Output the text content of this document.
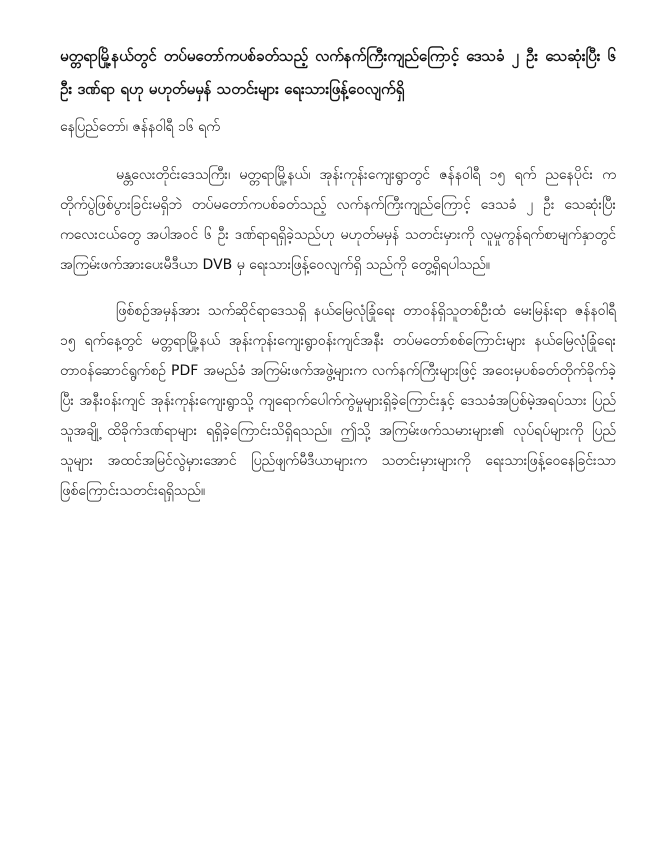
မတ္တရာမြို့နယ်တွင် တပ်မတော်ကပစ်ခတ်သည့် လက်နက်ကြီးကျည်ကြောင့် ဒေသခံ ၂ ဦး သေဆုံးပြီး ၆ ဦး ဒဏ်ရာ ရဟု မဟုတ်မမှန် သတင်းများ ရေးသားဖြန့်ဝေလျက်ရှိ

နေပြည်တော်၊ ဇန်နဝါရီ ၁၆ ရက်

မန္တလေးတိုင်းဒေသကြီး၊ မတ္တရာမြို့နယ်၊ အုန်းကုန်းကျေးရွာတွင် ဇန်နဝါရီ ၁၅ ရက် ညနေပိုင်း က တိုက်ပွဲဖြစ်ပွားခြင်းမရှိဘဲ တပ်မတော်ကပစ်ခတ်သည့် လက်နက်ကြီးကျည်ကြောင့် ဒေသခံ ၂ ဦး သေဆုံးပြီး ကလေးငယ်တွေ အပါအဝင် ၆ ဦး ဒဏ်ရာရရှိခဲ့သည်ဟု မဟုတ်မမှန် သတင်းမှားကို လူမှုကွန်ရက်စာမျက်နှာတွင် အကြမ်းဖက်အားပေးမီဒီယာ DVB မှ ရေးသားဖြန့်ဝေလျက်ရှိ သည်ကို တွေ့ရှိရပါသည်။

ဖြစ်စဉ်အမှန်အား သက်ဆိုင်ရာဒေသရှိ နယ်မြေလုံခြုံရေး တာဝန်ရှိသူတစ်ဦးထံ မေးမြန်းရာ ဇန်နဝါရီ ၁၅ ရက်နေ့တွင် မတ္တရာမြို့နယ် အုန်းကုန်းကျေးရွာဝန်းကျင်အနီး တပ်မတော်စစ်ကြောင်းများ နယ်မြေလုံခြုံရေးတာဝန်ဆောင်ရွက်စဉ် PDF အမည်ခံ အကြမ်းဖက်အဖွဲ့များက လက်နက်ကြီးများဖြင့် အဝေးမှပစ်ခတ်တိုက်ခိုက်ခဲ့ပြီး အနီးဝန်းကျင် အုန်းကုန်းကျေးရွာသို့ ကျရောက်ပေါက်ကွဲမှုများရှိခဲ့ကြောင်းနှင့် ဒေသခံအပြစ်မဲ့အရပ်သား ပြည်သူအချို့ ထိခိုက်ဒဏ်ရာများ ရရှိခဲ့ကြောင်းသိရှိရသည်။ ဤသို့ အကြမ်းဖက်သမားများ၏ လုပ်ရပ်များကို ပြည်သူများ အထင်အမြင်လွဲမှားအောင် ပြည်ဖျက်မီဒီယာများက သတင်းမှားများကို ရေးသားဖြန့်ဝေနေခြင်းသာ ဖြစ်ကြောင်းသတင်းရရှိသည်။
